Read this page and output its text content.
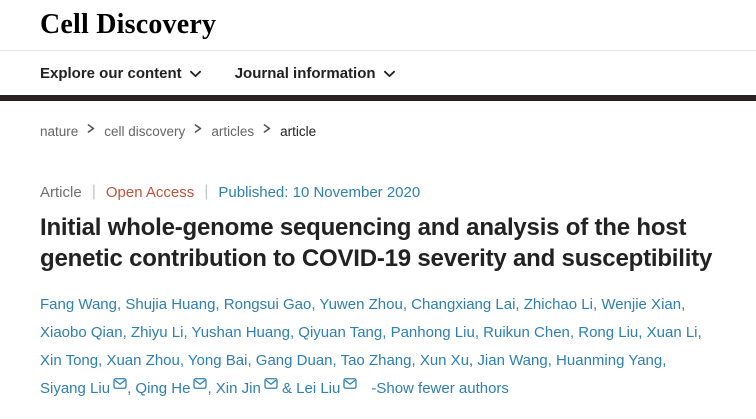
Cell Discovery
Explore our content	Journal information
nature cell discovery articles article
Article | Open Access | Published: 10 November 2020
Initial whole-genome sequencing and analysis of the host genetic contribution to COVID-19 severity and susceptibility

Fang Wang, Shujia Huang, Rongsui Gao, Yuwen Zhou, Changxiang Lai, Zhichao Li, Wenjie Xian, Xiaobo Qian, Zhiyu Li, Yushan Huang, Qiyuan Tang, Panhong Liu, Ruikun Chen, Rong Liu, Xuan Li, Xin Tong, Xuan Zhou, Yong Bai, Gang Duan, Tao Zhang, Xun Xu, Jian Wang, Huanming Yang, Siyang Liu , Qing He , Xin Jin & Lei Liu -Show fewer authors
